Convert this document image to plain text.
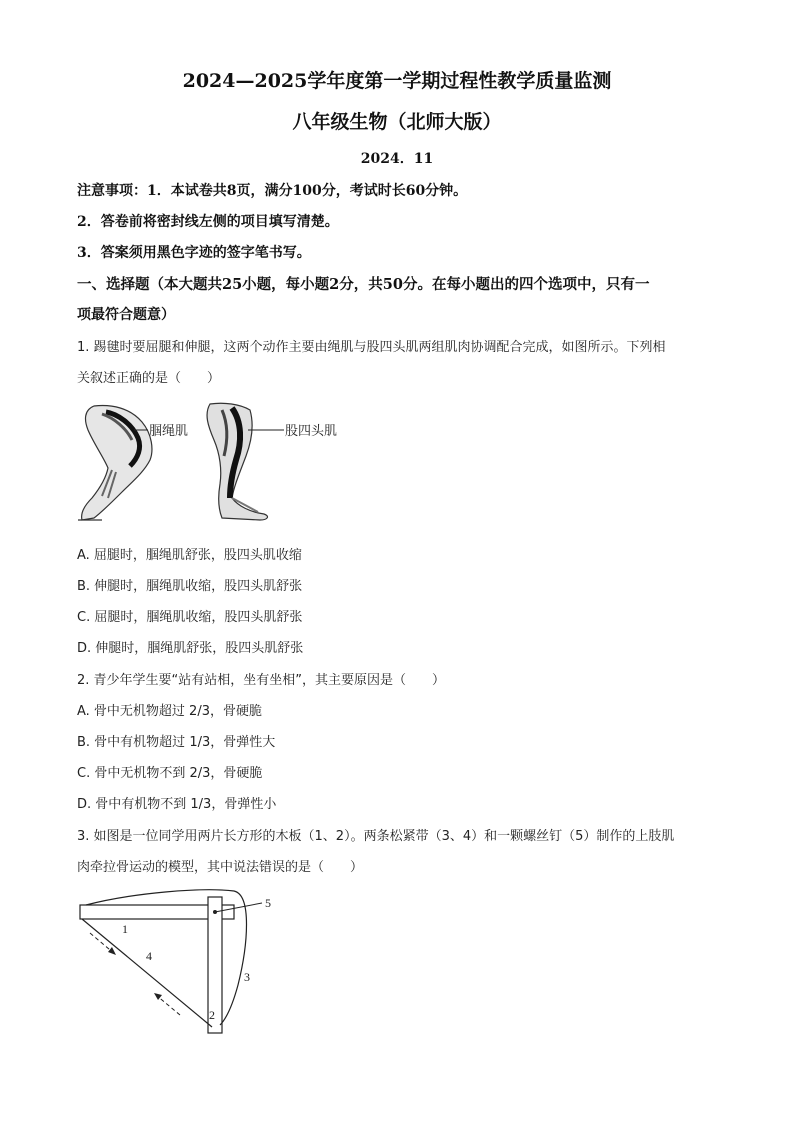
2024—2025学年度第一学期过程性教学质量监测
八年级生物（北师大版）
2024．11
注意事项：1．本试卷共8页，满分100分，考试时长60分钟。
2．答卷前将密封线左侧的项目填写清楚。
3．答案须用黑色字迹的签字笔书写。
一、选择题（本大题共25小题，每小题2分，共50分。在每小题出的四个选项中，只有一
项最符合题意）
1. 踢毽时要屈腿和伸腿，这两个动作主要由绳肌与股四头肌两组肌肉协调配合完成，如图所示。下列相
关叙述正确的是（　　）
腘绳肌	股四头肌
A. 屈腿时，腘绳肌舒张，股四头肌收缩
B. 伸腿时，腘绳肌收缩，股四头肌舒张
C. 屈腿时，腘绳肌收缩，股四头肌舒张
D. 伸腿时，腘绳肌舒张，股四头肌舒张
2. 青少年学生要“站有站相，坐有坐相”，其主要原因是（　　）
A. 骨中无机物超过 2/3，骨硬脆
B. 骨中有机物超过 1/3，骨弹性大
C. 骨中无机物不到 2/3，骨硬脆
D. 骨中有机物不到 1/3，骨弹性小
3. 如图是一位同学用两片长方形的木板（1、2）。两条松紧带（3、4）和一颗螺丝钉（5）制作的上肢肌
肉牵拉骨运动的模型，其中说法错误的是（　　）
1
2
3
4
5
